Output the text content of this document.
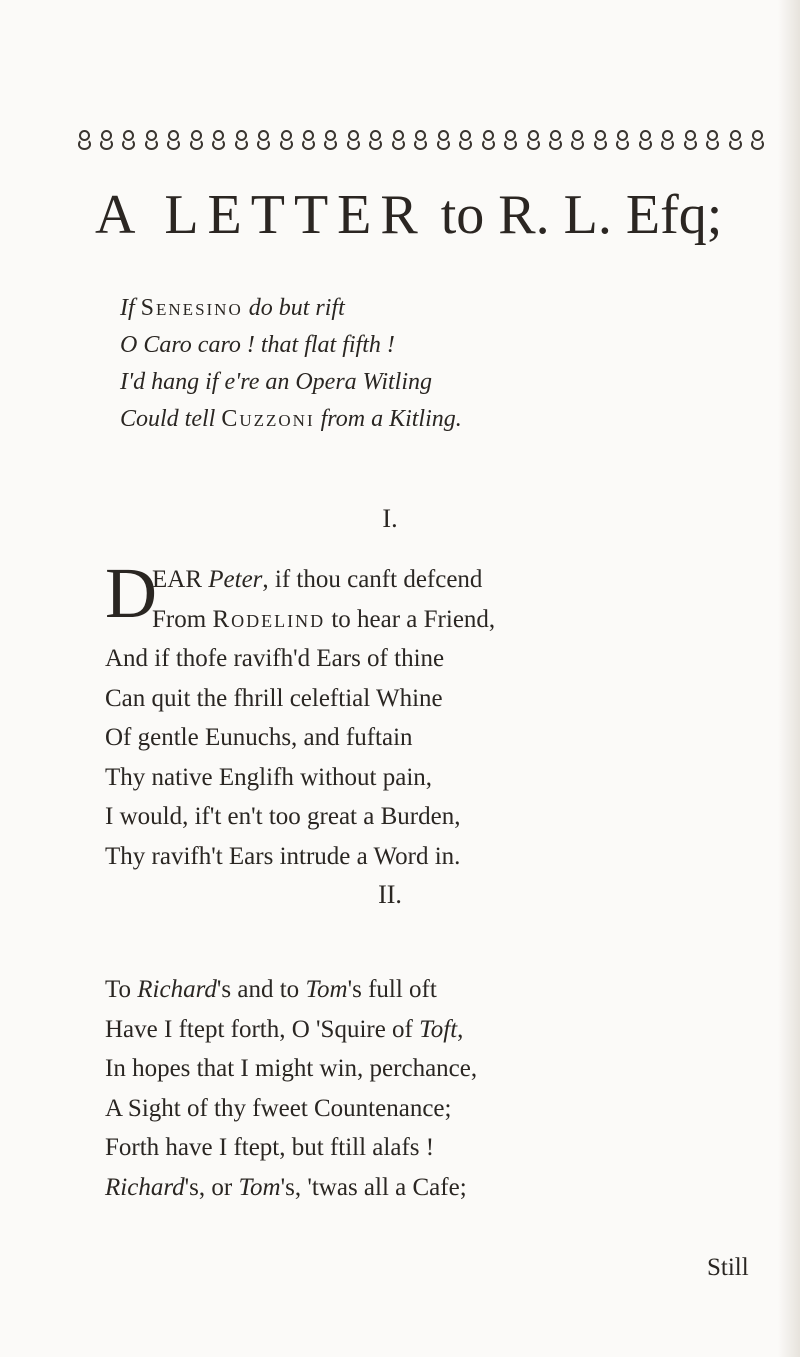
A LETTER to R. L. Efq;
If Senesino do but rift
O Caro caro ! that flat fifth !
I'd hang if e're an Opera Witling
Could tell Cuzzoni from a Kitling.
I.
D
EAR Peter, if thou canft defcend
From Rodelind to hear a Friend,
And if thofe ravifh'd Ears of thine
Can quit the fhrill celeftial Whine
Of gentle Eunuchs, and fuftain
Thy native Englifh without pain,
I would, if't en't too great a Burden,
Thy ravifh't Ears intrude a Word in.
II.
To Richard's and to Tom's full oft
Have I ftept forth, O 'Squire of Toft,
In hopes that I might win, perchance,
A Sight of thy fweet Countenance;
Forth have I ftept, but ftill alafs !
Richard's, or Tom's, 'twas all a Cafe;
Still
